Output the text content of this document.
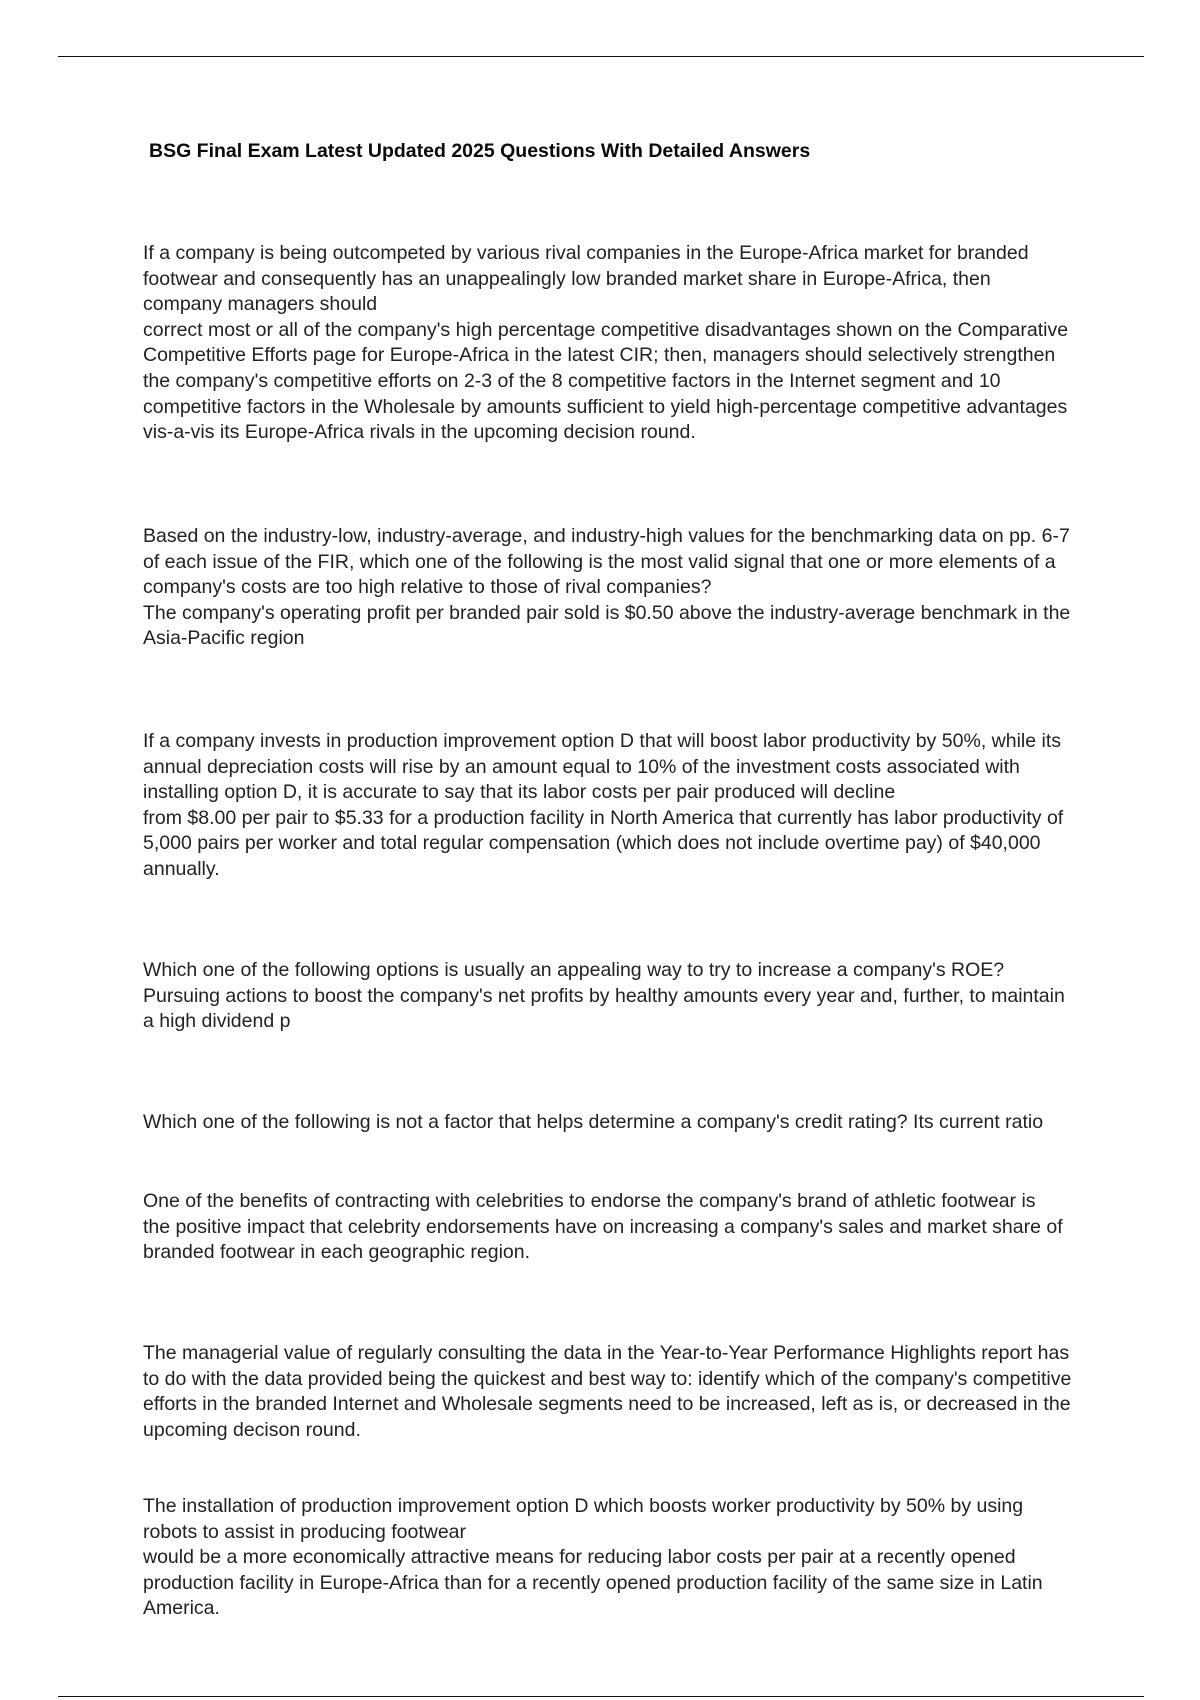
BSG Final Exam Latest Updated 2025 Questions With Detailed Answers

If a company is being outcompeted by various rival companies in the Europe-Africa market for branded footwear and consequently has an unappealingly low branded market share in Europe-Africa, then company managers should

correct most or all of the company's high percentage competitive disadvantages shown on the Comparative Competitive Efforts page for Europe-Africa in the latest CIR; then, managers should selectively strengthen the company's competitive efforts on 2-3 of the 8 competitive factors in the Internet segment and 10 competitive factors in the Wholesale by amounts sufficient to yield high-percentage competitive advantages vis-a-vis its Europe-Africa rivals in the upcoming decision round.

Based on the industry-low, industry-average, and industry-high values for the benchmarking data on pp. 6-7 of each issue of the FIR, which one of the following is the most valid signal that one or more elements of a company's costs are too high relative to those of rival companies?

The company's operating profit per branded pair sold is $0.50 above the industry-average benchmark in the Asia-Pacific region

If a company invests in production improvement option D that will boost labor productivity by 50%, while its annual depreciation costs will rise by an amount equal to 10% of the investment costs associated with installing option D, it is accurate to say that its labor costs per pair produced will decline

from $8.00 per pair to $5.33 for a production facility in North America that currently has labor productivity of 5,000 pairs per worker and total regular compensation (which does not include overtime pay) of $40,000 annually.

Which one of the following options is usually an appealing way to try to increase a company's ROE?

Pursuing actions to boost the company's net profits by healthy amounts every year and, further, to maintain a high dividend p

Which one of the following is not a factor that helps determine a company's credit rating? Its current ratio

One of the benefits of contracting with celebrities to endorse the company's brand of athletic footwear is

the positive impact that celebrity endorsements have on increasing a company's sales and market share of branded footwear in each geographic region.

The managerial value of regularly consulting the data in the Year-to-Year Performance Highlights report has to do with the data provided being the quickest and best way to: identify which of the company's competitive efforts in the branded Internet and Wholesale segments need to be increased, left as is, or decreased in the upcoming decison round.

The installation of production improvement option D which boosts worker productivity by 50% by using robots to assist in producing footwear

would be a more economically attractive means for reducing labor costs per pair at a recently opened production facility in Europe-Africa than for a recently opened production facility of the same size in Latin America.
